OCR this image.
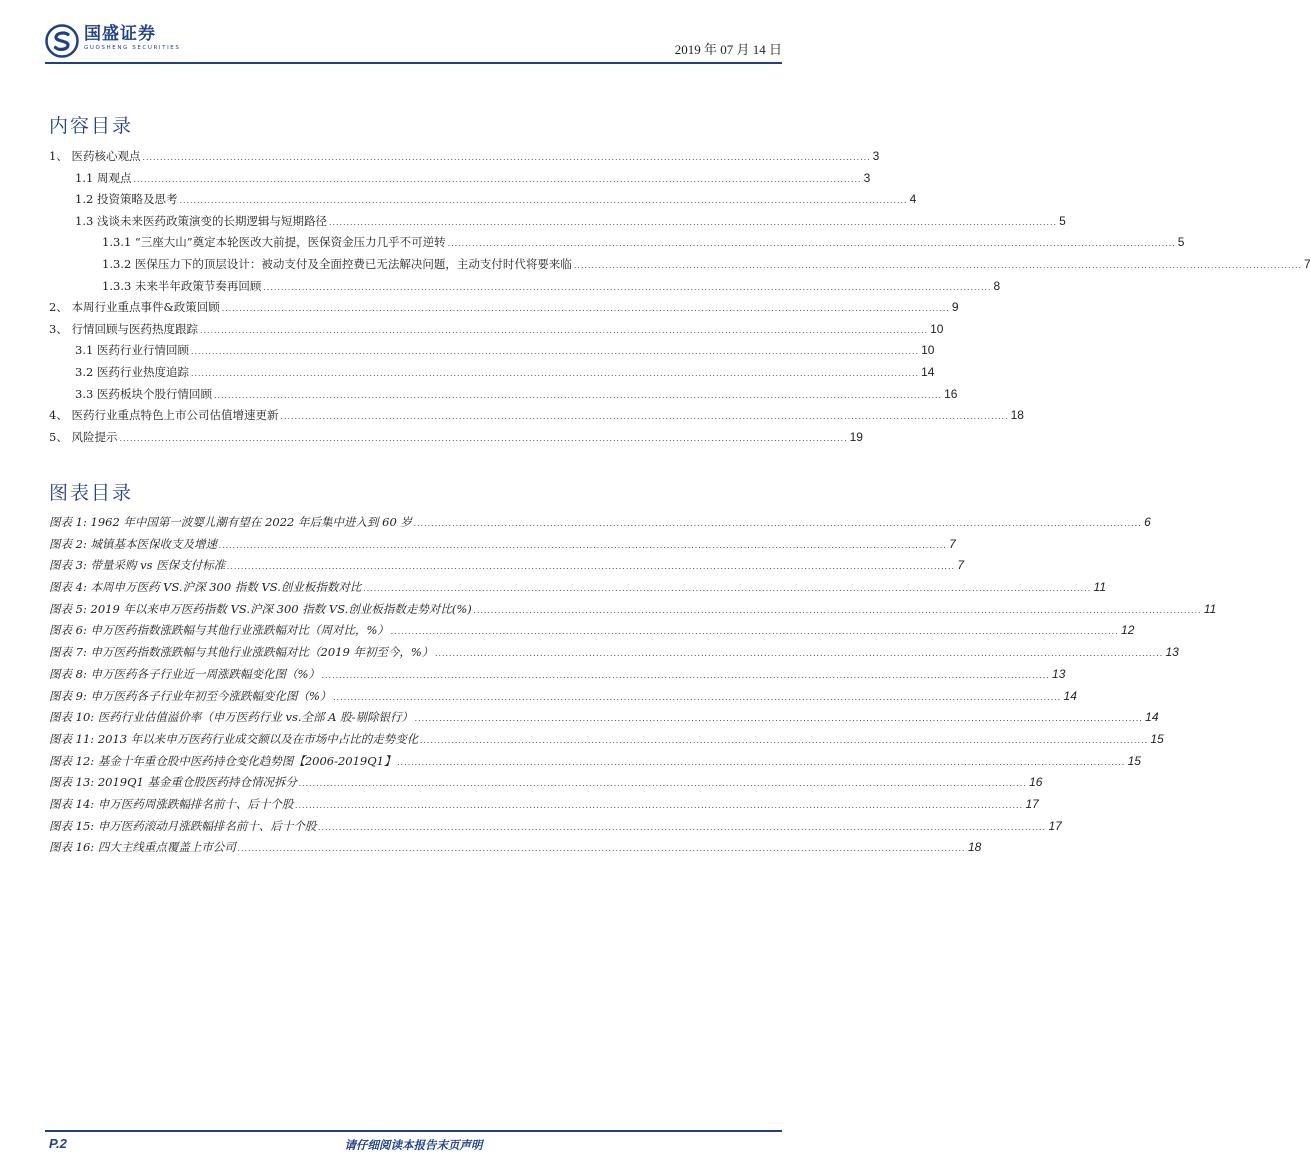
国盛证券
GUOSHENG SECURITIES	2019 年 07 月 14 日
内容目录
1、 医药核心观点 ................................................................................................................................................................................................................ 3
1.1 周观点 ................................................................................................................................................................................................................ 3
1.2 投资策略及思考 ................................................................................................................................................................................................................ 4
1.3 浅谈未来医药政策演变的长期逻辑与短期路径 ................................................................................................................................................................................................................ 5
1.3.1 “三座大山”奠定本轮医改大前提，医保资金压力几乎不可逆转 ................................................................................................................................................................................................................ 5
1.3.2 医保压力下的顶层设计：被动支付及全面控费已无法解决问题，主动支付时代将要来临 ................................................................................................................................................................................................................ 7
1.3.3 未来半年政策节奏再回顾 ................................................................................................................................................................................................................ 8
2、 本周行业重点事件&政策回顾 ................................................................................................................................................................................................................ 9
3、 行情回顾与医药热度跟踪 ................................................................................................................................................................................................................ 10
3.1 医药行业行情回顾 ................................................................................................................................................................................................................ 10
3.2 医药行业热度追踪 ................................................................................................................................................................................................................ 14
3.3 医药板块个股行情回顾 ................................................................................................................................................................................................................ 16
4、 医药行业重点特色上市公司估值增速更新 ................................................................................................................................................................................................................ 18
5、 风险提示 ................................................................................................................................................................................................................ 19
图表目录
图表 1: 1962 年中国第一波婴儿潮有望在 2022 年后集中进入到 60 岁 ................................................................................................................................................................................................................ 6
图表 2: 城镇基本医保收支及增速 ................................................................................................................................................................................................................ 7
图表 3: 带量采购 vs 医保支付标准 ................................................................................................................................................................................................................ 7
图表 4: 本周申万医药 VS.沪深 300 指数 VS.创业板指数对比 ................................................................................................................................................................................................................ 11
图表 5: 2019 年以来申万医药指数 VS.沪深 300 指数 VS.创业板指数走势对比(%) ................................................................................................................................................................................................................ 11
图表 6: 申万医药指数涨跌幅与其他行业涨跌幅对比（周对比，%） ................................................................................................................................................................................................................ 12
图表 7: 申万医药指数涨跌幅与其他行业涨跌幅对比（2019 年初至今，%） ................................................................................................................................................................................................................ 13
图表 8: 申万医药各子行业近一周涨跌幅变化图（%） ................................................................................................................................................................................................................ 13
图表 9: 申万医药各子行业年初至今涨跌幅变化图（%） ................................................................................................................................................................................................................ 14
图表 10: 医药行业估值溢价率（申万医药行业 vs.全部 A 股-剔除银行） ................................................................................................................................................................................................................ 14
图表 11: 2013 年以来申万医药行业成交额以及在市场中占比的走势变化 ................................................................................................................................................................................................................ 15
图表 12: 基金十年重仓股中医药持仓变化趋势图【2006-2019Q1】 ................................................................................................................................................................................................................ 15
图表 13: 2019Q1 基金重仓股医药持仓情况拆分 ................................................................................................................................................................................................................ 16
图表 14: 申万医药周涨跌幅排名前十、后十个股 ................................................................................................................................................................................................................ 17
图表 15: 申万医药滚动月涨跌幅排名前十、后十个股 ................................................................................................................................................................................................................ 17
图表 16: 四大主线重点覆盖上市公司 ................................................................................................................................................................................................................ 18
P.2	请仔细阅读本报告末页声明
